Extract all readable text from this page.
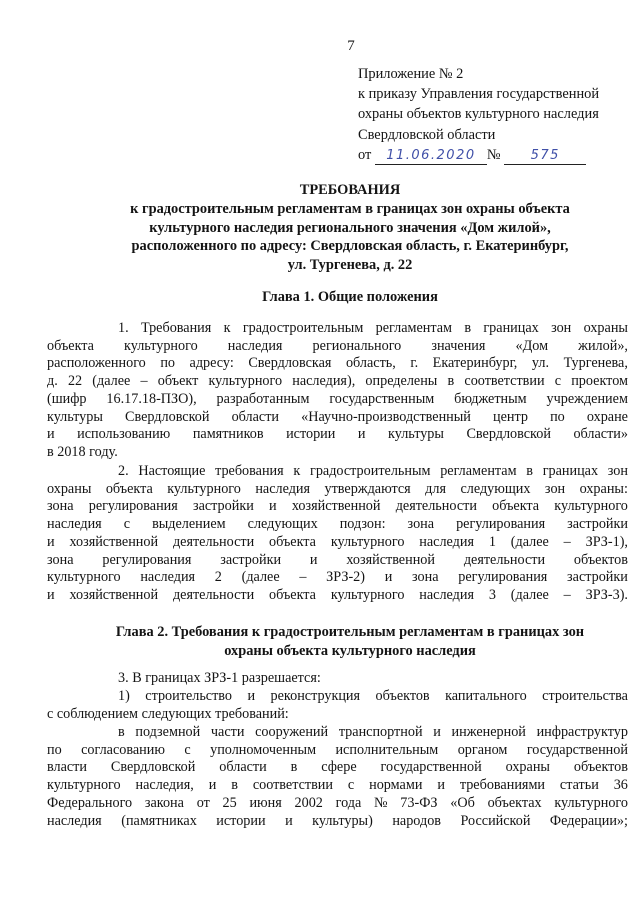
7
Приложение № 2
к приказу Управления государственной
охраны объектов культурного наследия
Свердловской области
от 11.06.2020 № 575
ТРЕБОВАНИЯ
к градостроительным регламентам в границах зон охраны объекта
культурного наследия регионального значения «Дом жилой»,
расположенного по адресу: Свердловская область, г. Екатеринбург,
ул. Тургенева, д. 22
Глава 1. Общие положения
1. Требования к градостроительным регламентам в границах зон охраны
объекта культурного наследия регионального значения «Дом жилой»,
расположенного по адресу: Свердловская область, г. Екатеринбург, ул. Тургенева,
д. 22 (далее – объект культурного наследия), определены в соответствии с проектом
(шифр 16.17.18-ПЗО), разработанным государственным бюджетным учреждением
культуры Свердловской области «Научно-производственный центр по охране
и использованию памятников истории и культуры Свердловской области»
в 2018 году.
2. Настоящие требования к градостроительным регламентам в границах зон
охраны объекта культурного наследия утверждаются для следующих зон охраны:
зона регулирования застройки и хозяйственной деятельности объекта культурного
наследия с выделением следующих подзон: зона регулирования застройки
и хозяйственной деятельности объекта культурного наследия 1 (далее – ЗРЗ-1),
зона регулирования застройки и хозяйственной деятельности объектов
культурного наследия 2 (далее – ЗРЗ-2) и зона регулирования застройки
и хозяйственной деятельности объекта культурного наследия 3 (далее – ЗРЗ-3).
Глава 2. Требования к градостроительным регламентам в границах зон
охраны объекта культурного наследия
3. В границах ЗРЗ-1 разрешается:
1) строительство и реконструкция объектов капитального строительства
с соблюдением следующих требований:
в подземной части сооружений транспортной и инженерной инфраструктур
по согласованию с уполномоченным исполнительным органом государственной
власти Свердловской области в сфере государственной охраны объектов
культурного наследия, и в соответствии с нормами и требованиями статьи 36
Федерального закона от 25 июня 2002 года № 73-ФЗ «Об объектах культурного
наследия (памятниках истории и культуры) народов Российской Федерации»;
